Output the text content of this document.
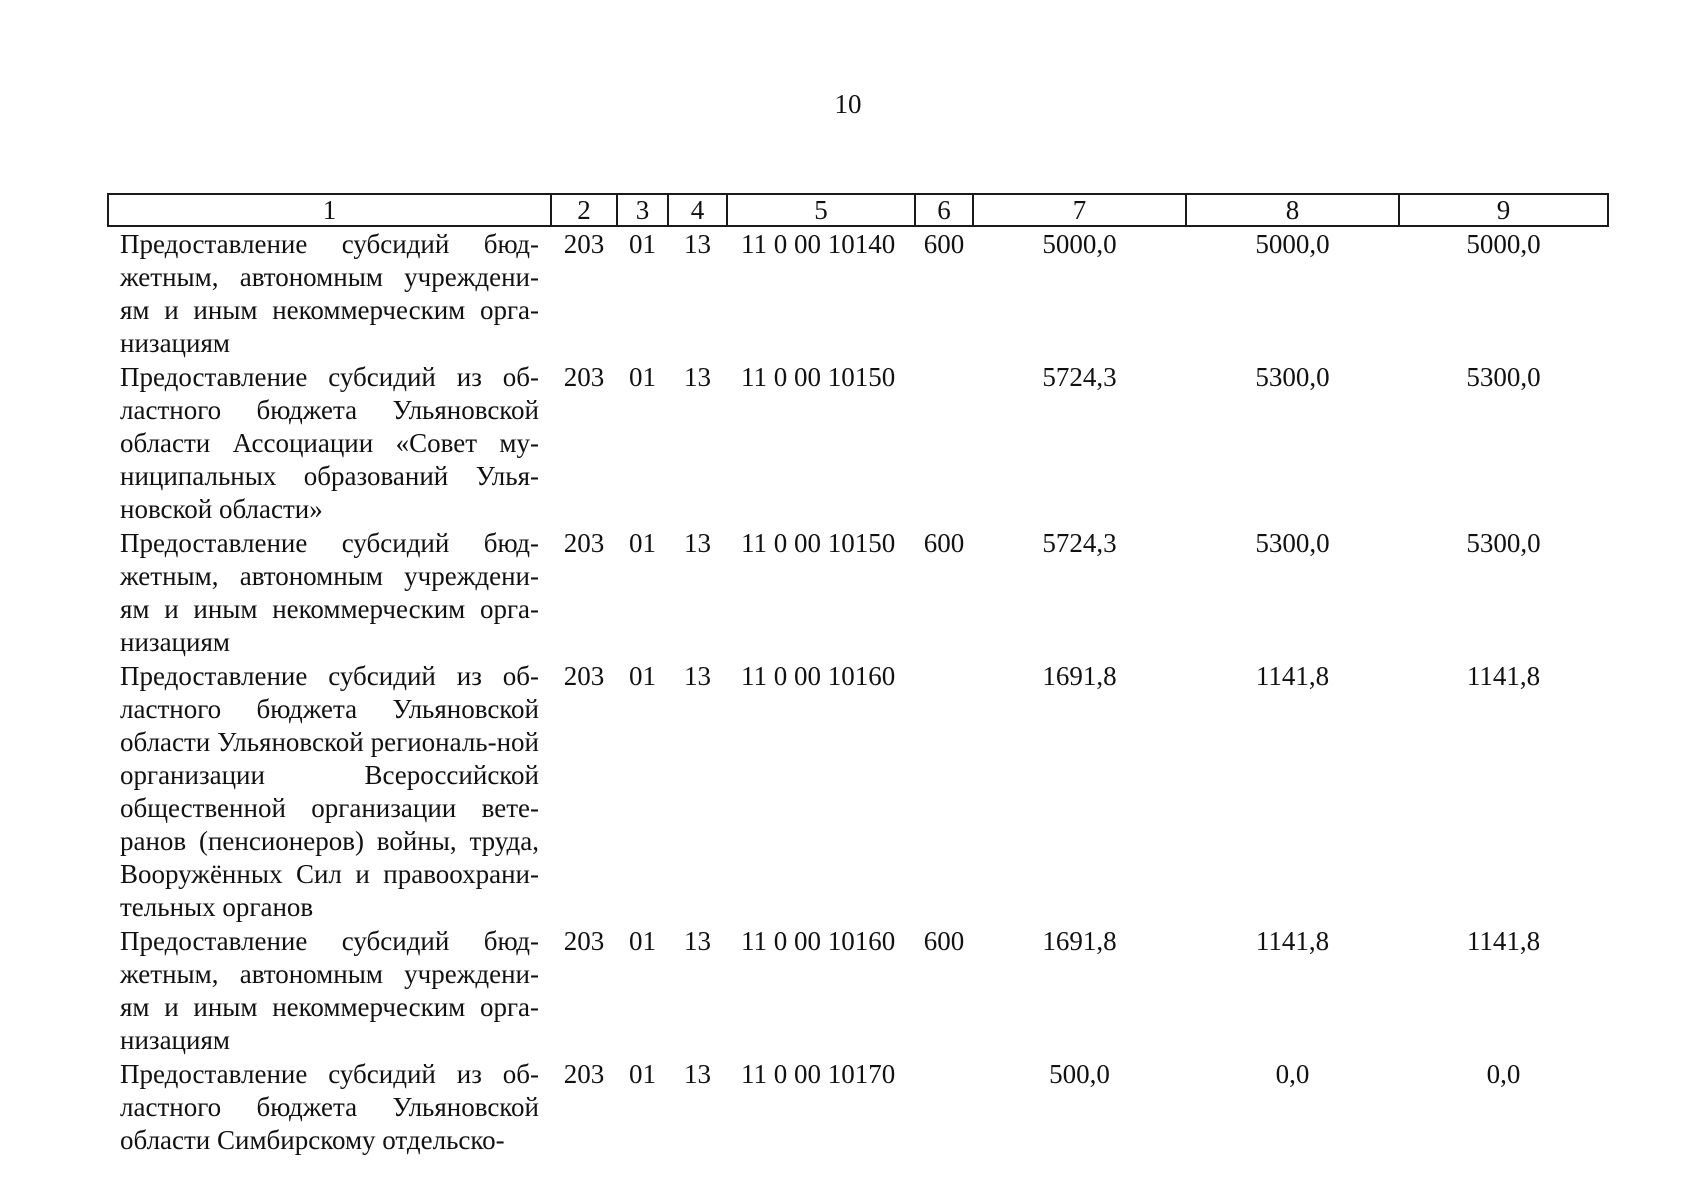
10
1	2	3	4	5	6	7	8	9
Предоставление субсидий бюд-жетным, автономным учреждени-ям и иным некоммерческим орга-низациям	203	01	13	11 0 00 10140	600	5000,0	5000,0	5000,0
Предоставление субсидий из об-ластного бюджета Ульяновской области Ассоциации «Совет му-ниципальных образований Улья-новской области»	203	01	13	11 0 00 10150		5724,3	5300,0	5300,0
Предоставление субсидий бюд-жетным, автономным учреждени-ям и иным некоммерческим орга-низациям	203	01	13	11 0 00 10150	600	5724,3	5300,0	5300,0
Предоставление субсидий из об-ластного бюджета Ульяновской области Ульяновской региональ-ной организации Всероссийской общественной организации вете-ранов (пенсионеров) войны, труда, Вооружённых Сил и правоохрани-тельных органов	203	01	13	11 0 00 10160		1691,8	1141,8	1141,8
Предоставление субсидий бюд-жетным, автономным учреждени-ям и иным некоммерческим орга-низациям	203	01	13	11 0 00 10160	600	1691,8	1141,8	1141,8
Предоставление субсидий из об-ластного бюджета Ульяновской области Симбирскому отдельско-	203	01	13	11 0 00 10170		500,0	0,0	0,0
